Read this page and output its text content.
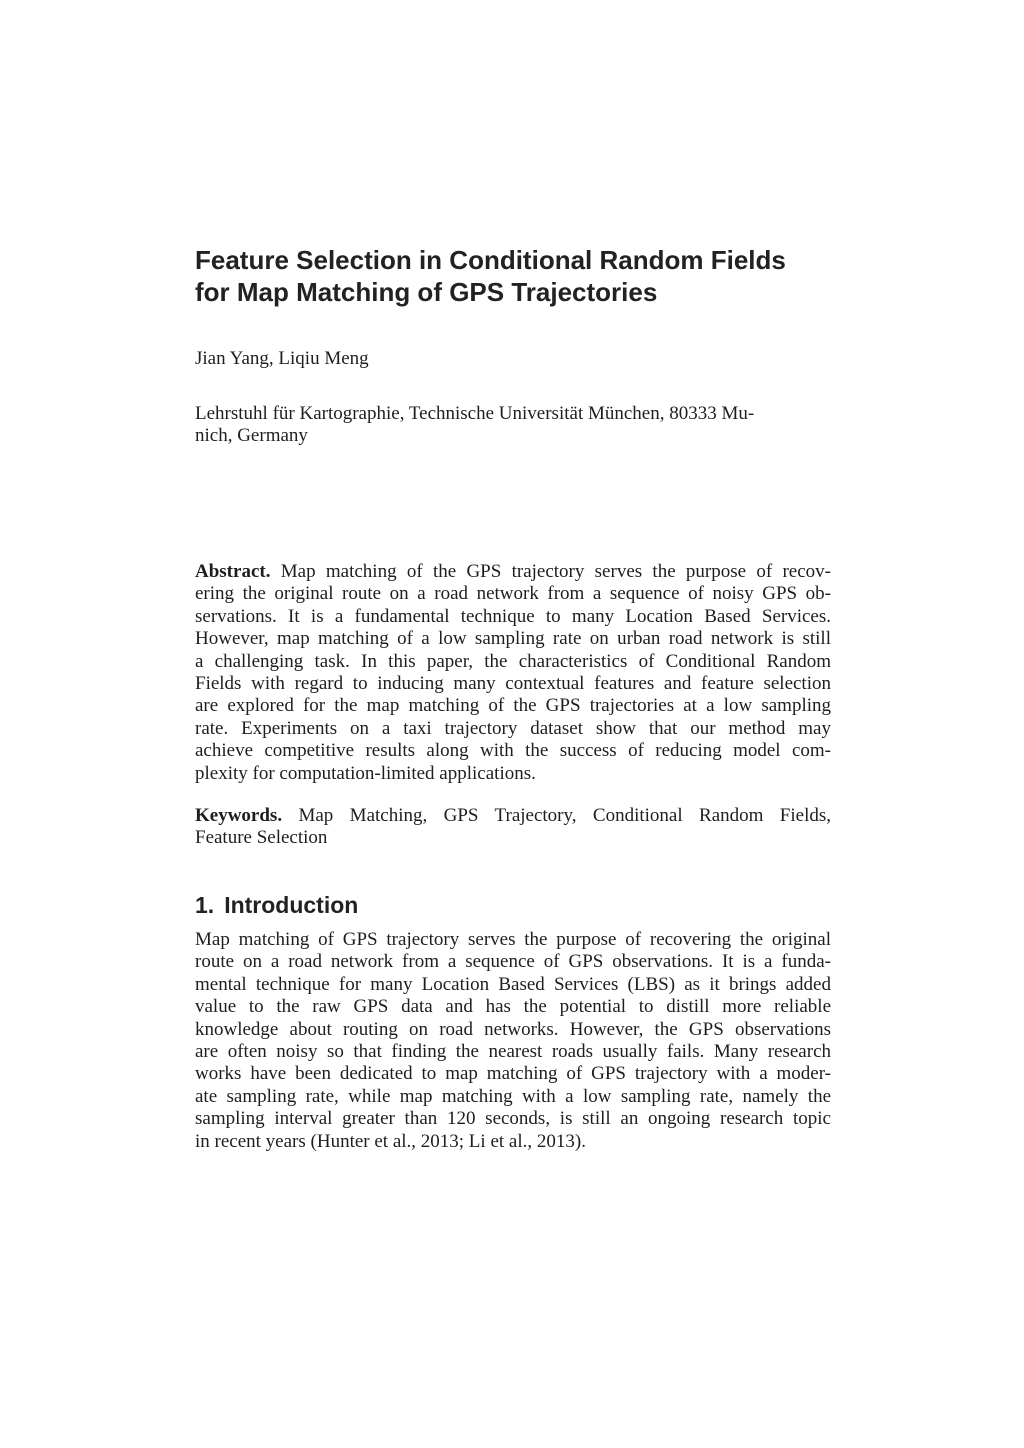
Feature Selection in Conditional Random Fields
for Map Matching of GPS Trajectories

Jian Yang, Liqiu Meng

Lehrstuhl für Kartographie, Technische Universität München, 80333 Mu-
nich, Germany

Abstract. Map matching of the GPS trajectory serves the purpose of recov-
ering the original route on a road network from a sequence of noisy GPS ob-
servations. It is a fundamental technique to many Location Based Services.
However, map matching of a low sampling rate on urban road network is still
a challenging task. In this paper, the characteristics of Conditional Random
Fields with regard to inducing many contextual features and feature selection
are explored for the map matching of the GPS trajectories at a low sampling
rate. Experiments on a taxi trajectory dataset show that our method may
achieve competitive results along with the success of reducing model com-
plexity for computation-limited applications.
Keywords. Map Matching, GPS Trajectory, Conditional Random Fields,
Feature Selection
1. Introduction
Map matching of GPS trajectory serves the purpose of recovering the original
route on a road network from a sequence of GPS observations. It is a funda-
mental technique for many Location Based Services (LBS) as it brings added
value to the raw GPS data and has the potential to distill more reliable
knowledge about routing on road networks. However, the GPS observations
are often noisy so that finding the nearest roads usually fails. Many research
works have been dedicated to map matching of GPS trajectory with a moder-
ate sampling rate, while map matching with a low sampling rate, namely the
sampling interval greater than 120 seconds, is still an ongoing research topic
in recent years (Hunter et al., 2013; Li et al., 2013).
